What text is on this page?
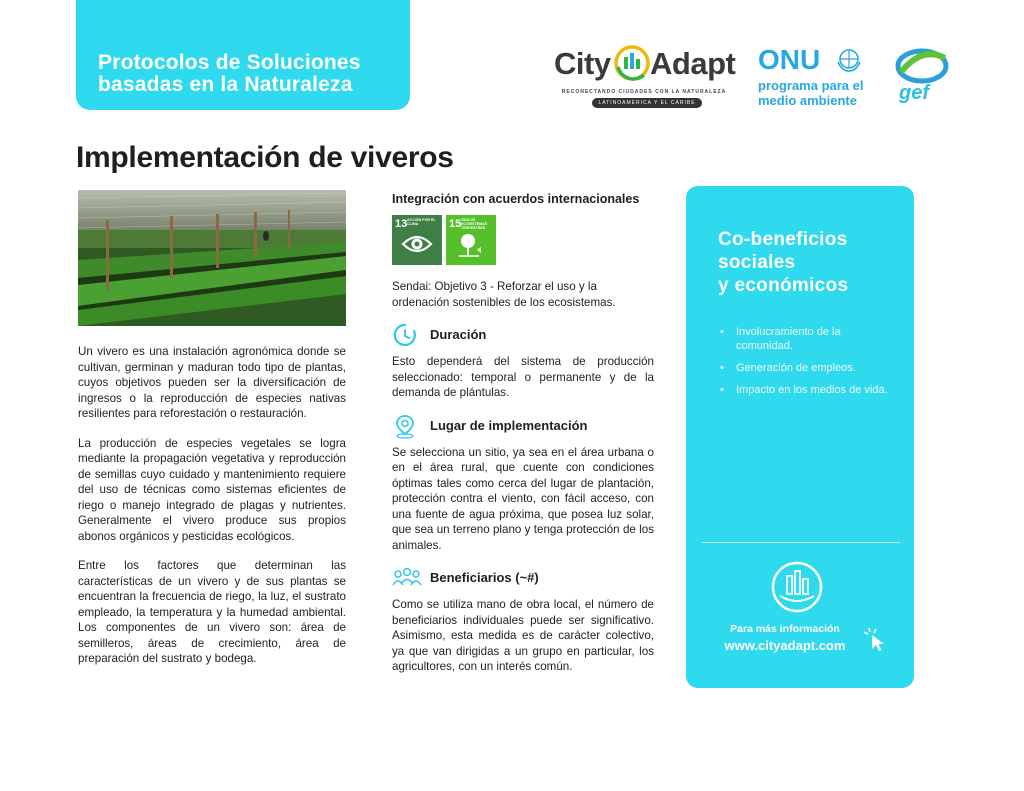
Protocolos de Soluciones
basadas en la Naturaleza
City Adapt
RECONECTANDO CIUDADES CON LA NATURALEZA
LATINOAMÉRICA Y EL CARIBE
ONU
programa para el
medio ambiente	gef
Implementación de viveros

Un vivero es una instalación agronómica donde se cultivan, germinan y maduran todo tipo de plantas, cuyos objetivos pueden ser la diversificación de ingresos o la reproducción de especies nativas resilientes para reforestación o restauración.

La producción de especies vegetales se logra mediante la propagación vegetativa y reproducción de semillas cuyo cuidado y mantenimiento requiere del uso de técnicas como sistemas eficientes de riego o manejo integrado de plagas y nutrientes. Generalmente el vivero produce sus propios abonos orgánicos y pesticidas ecológicos.

Entre los factores que determinan las características de un vivero y de sus plantas se encuentran la frecuencia de riego, la luz, el sustrato empleado, la temperatura y la humedad ambiental. Los componentes de un vivero son: área de semilleros, áreas de crecimiento, área de preparación del sustrato y bodega.

Integración con acuerdos internacionales
13 ACCIÓN POR EL CLIMA	15 VIDA DE ECOSISTEMAS TERRESTRES

Sendai: Objetivo 3 - Reforzar el uso y la ordenación sostenibles de los ecosistemas.

Duración

Esto dependerá del sistema de producción seleccionado: temporal o permanente y de la demanda de plántulas.

Lugar de implementación

Se selecciona un sitio, ya sea en el área urbana o en el área rural, que cuente con condiciones óptimas tales como cerca del lugar de plantación, protección contra el viento, con fácil acceso, con una fuente de agua próxima, que posea luz solar, que sea un terreno plano y tenga protección de los animales.

Beneficiarios (~#)

Como se utiliza mano de obra local, el número de beneficiarios individuales puede ser significativo. Asimismo, esta medida es de carácter colectivo, ya que van dirigidas a un grupo en particular, los agricultores, con un interés común.

Co-beneficios
sociales
y económicos
• Involucramiento de la comunidad.
• Generación de empleos.
• Impacto en los medios de vida.
Para más información
www.cityadapt.com
